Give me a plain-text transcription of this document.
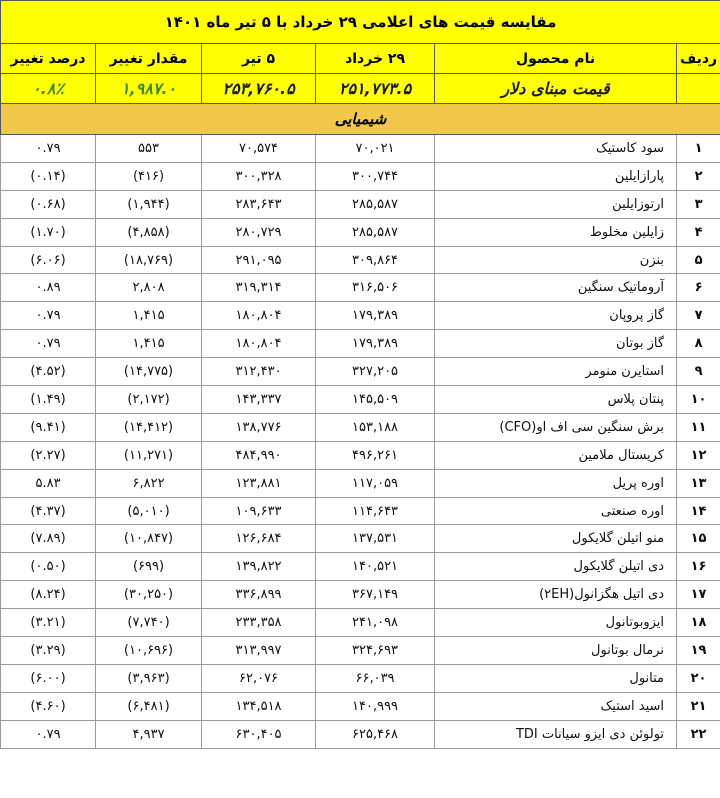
مقایسه قیمت های اعلامی ۲۹ خرداد با ۵ تیر ماه ۱۴۰۱					
ردیف	نام محصول	۲۹ خرداد	۵ تیر	مقدار تغییر	درصد تغییر
	قیمت مبنای دلار	۲۵۱,۷۷۳.۵	۲۵۳,۷۶۰.۵	۱,۹۸۷.۰	۰.۸٪
شیمیایی					
۱	سود کاستیک	۷۰,۰۲۱	۷۰,۵۷۴	۵۵۳	۰.۷۹
۲	پارازایلین	۳۰۰,۷۴۴	۳۰۰,۳۲۸	(۴۱۶)	(۰.۱۴)
۳	ارتوزایلین	۲۸۵,۵۸۷	۲۸۳,۶۴۳	(۱,۹۴۴)	(۰.۶۸)
۴	زایلین مخلوط	۲۸۵,۵۸۷	۲۸۰,۷۲۹	(۴,۸۵۸)	(۱.۷۰)
۵	بنزن	۳۰۹,۸۶۴	۲۹۱,۰۹۵	(۱۸,۷۶۹)	(۶.۰۶)
۶	آروماتیک سنگین	۳۱۶,۵۰۶	۳۱۹,۳۱۴	۲,۸۰۸	۰.۸۹
۷	گاز پروپان	۱۷۹,۳۸۹	۱۸۰,۸۰۴	۱,۴۱۵	۰.۷۹
۸	گاز بوتان	۱۷۹,۳۸۹	۱۸۰,۸۰۴	۱,۴۱۵	۰.۷۹
۹	استایرن منومر	۳۲۷,۲۰۵	۳۱۲,۴۳۰	(۱۴,۷۷۵)	(۴.۵۲)
۱۰	پنتان پلاس	۱۴۵,۵۰۹	۱۴۳,۳۳۷	(۲,۱۷۲)	(۱.۴۹)
۱۱	برش سنگین سی اف او(CFO)	۱۵۳,۱۸۸	۱۳۸,۷۷۶	(۱۴,۴۱۲)	(۹.۴۱)
۱۲	کریستال ملامین	۴۹۶,۲۶۱	۴۸۴,۹۹۰	(۱۱,۲۷۱)	(۲.۲۷)
۱۳	اوره پریل	۱۱۷,۰۵۹	۱۲۳,۸۸۱	۶,۸۲۲	۵.۸۳
۱۴	اوره صنعتی	۱۱۴,۶۴۳	۱۰۹,۶۳۳	(۵,۰۱۰)	(۴.۳۷)
۱۵	منو اتیلن گلایکول	۱۳۷,۵۳۱	۱۲۶,۶۸۴	(۱۰,۸۴۷)	(۷.۸۹)
۱۶	دی اتیلن گلایکول	۱۴۰,۵۲۱	۱۳۹,۸۲۲	(۶۹۹)	(۰.۵۰)
۱۷	دی اتیل هگزانول(۲EH)	۳۶۷,۱۴۹	۳۳۶,۸۹۹	(۳۰,۲۵۰)	(۸.۲۴)
۱۸	ایزوبوتانول	۲۴۱,۰۹۸	۲۳۳,۳۵۸	(۷,۷۴۰)	(۳.۲۱)
۱۹	نرمال بوتانول	۳۲۴,۶۹۳	۳۱۳,۹۹۷	(۱۰,۶۹۶)	(۳.۲۹)
۲۰	متانول	۶۶,۰۳۹	۶۲,۰۷۶	(۳,۹۶۳)	(۶.۰۰)
۲۱	اسید استیک	۱۴۰,۹۹۹	۱۳۴,۵۱۸	(۶,۴۸۱)	(۴.۶۰)
۲۲	تولوئن دی ایزو سیانات TDI	۶۲۵,۴۶۸	۶۳۰,۴۰۵	۴,۹۳۷	۰.۷۹
